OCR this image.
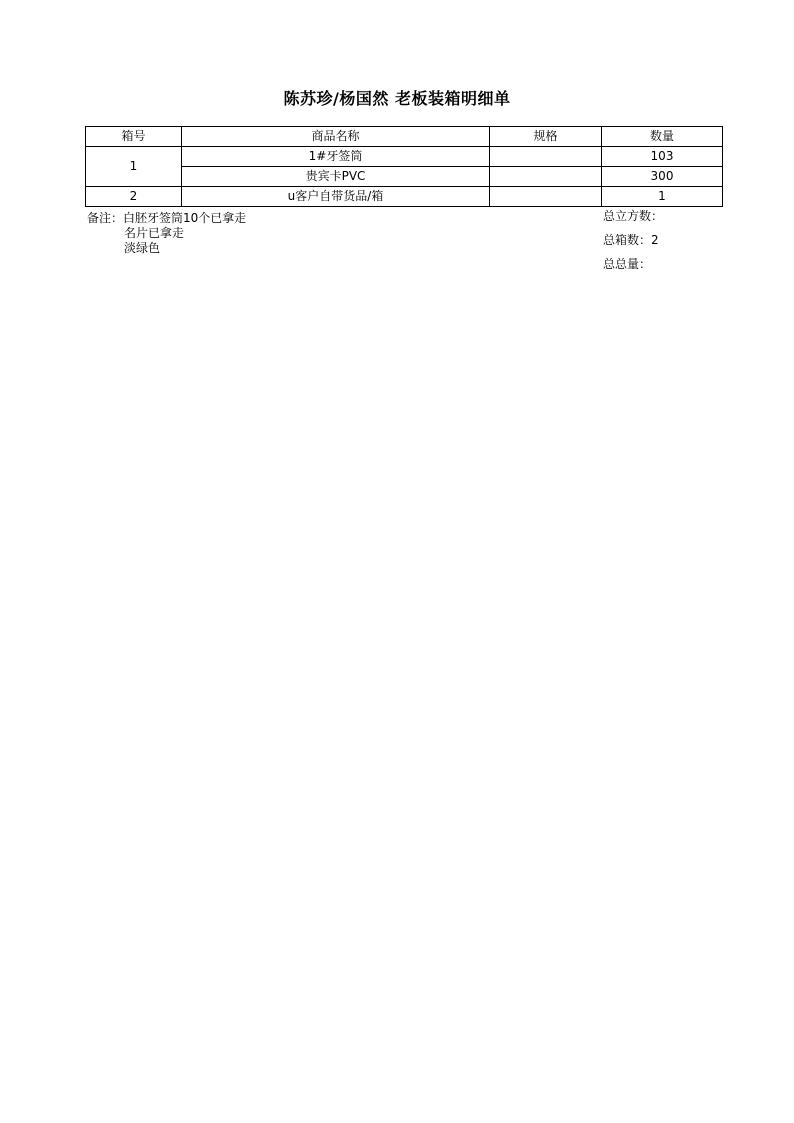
陈苏珍/杨国然 老板装箱明细单
箱号	商品名称	规格	数量
1	1#牙签筒		103
	贵宾卡PVC		300
2	u客户自带货品/箱		1
备注：白胚牙签筒10个已拿走
名片已拿走
淡绿色
总立方数：
总箱数：2
总总量：
